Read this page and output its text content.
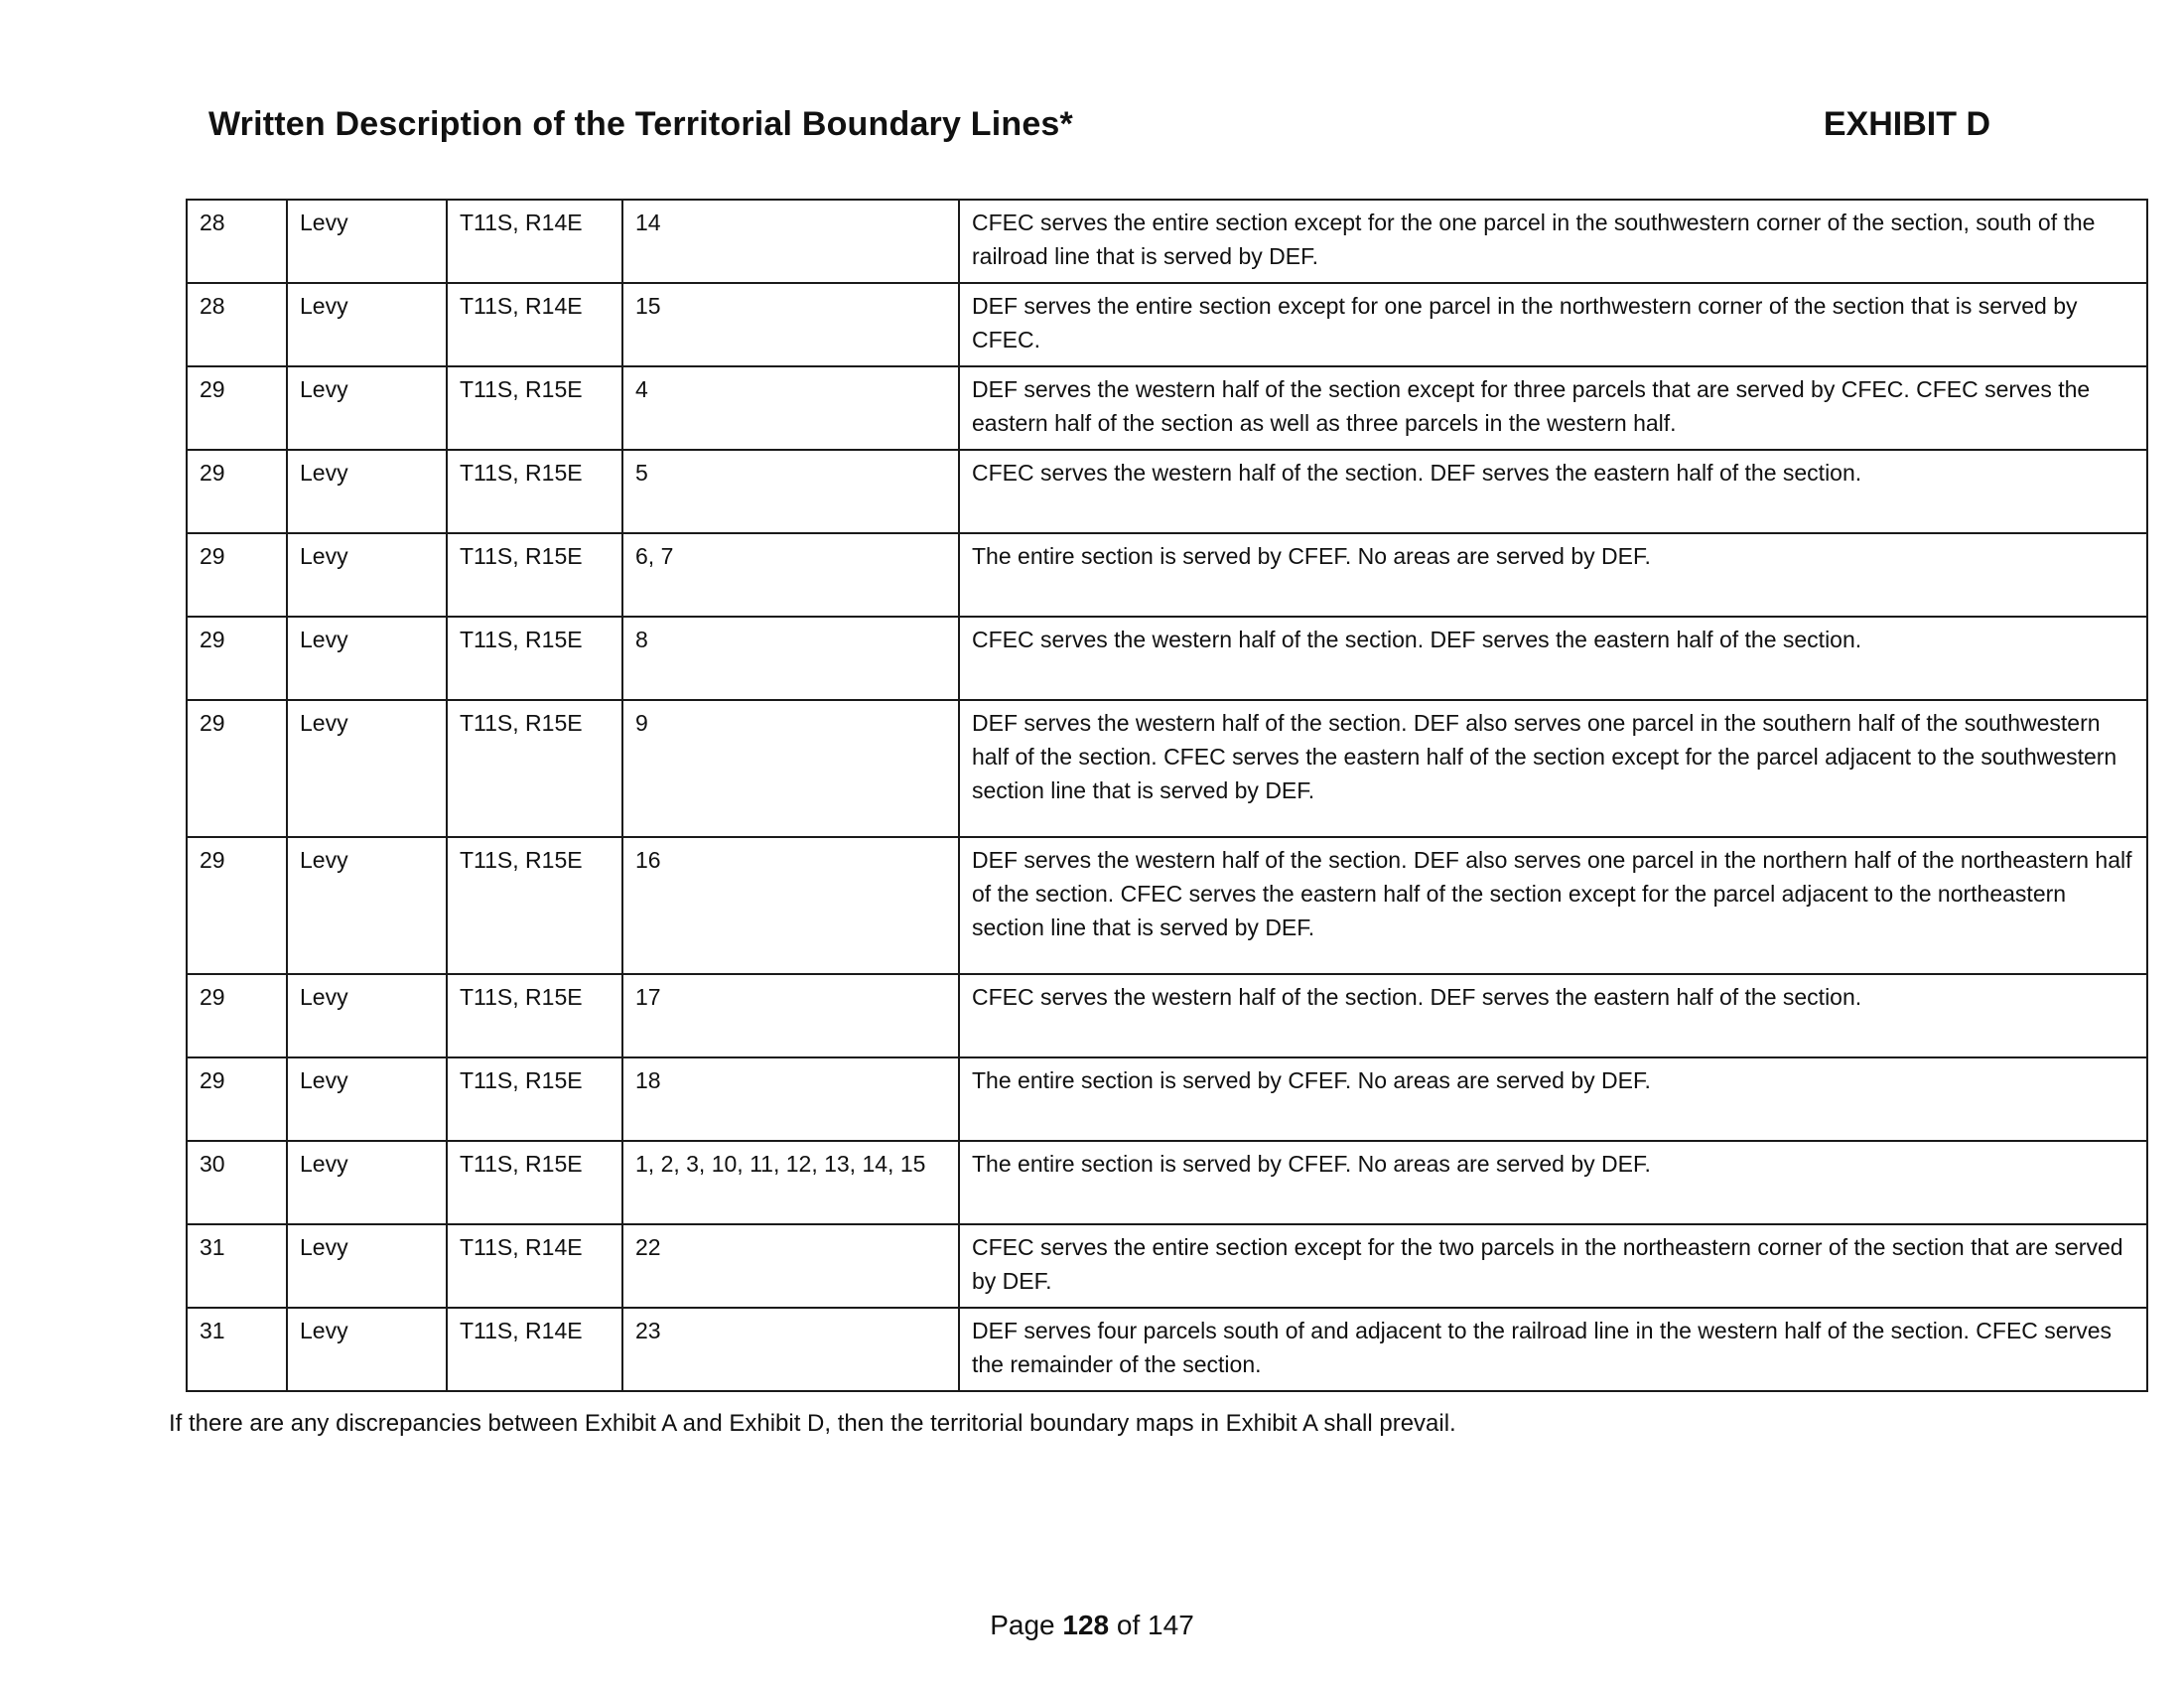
Written Description of the Territorial Boundary Lines*	EXHIBIT D
28	Levy	T11S, R14E	14	CFEC serves the entire section except for the one parcel in the southwestern corner of the section, south of the railroad line that is served by DEF.
28	Levy	T11S, R14E	15	DEF serves the entire section except for one parcel in the northwestern corner of the section that is served by CFEC.
29	Levy	T11S, R15E	4	DEF serves the western half of the section except for three parcels that are served by CFEC. CFEC serves the eastern half of the section as well as three parcels in the western half.
29	Levy	T11S, R15E	5	CFEC serves the western half of the section. DEF serves the eastern half of the section.
29	Levy	T11S, R15E	6, 7	The entire section is served by CFEF. No areas are served by DEF.
29	Levy	T11S, R15E	8	CFEC serves the western half of the section. DEF serves the eastern half of the section.
29	Levy	T11S, R15E	9	DEF serves the western half of the section. DEF also serves one parcel in the southern half of the southwestern half of the section. CFEC serves the eastern half of the section except for the parcel adjacent to the southwestern section line that is served by DEF.
29	Levy	T11S, R15E	16	DEF serves the western half of the section. DEF also serves one parcel in the northern half of the northeastern half of the section. CFEC serves the eastern half of the section except for the parcel adjacent to the northeastern section line that is served by DEF.
29	Levy	T11S, R15E	17	CFEC serves the western half of the section. DEF serves the eastern half of the section.
29	Levy	T11S, R15E	18	The entire section is served by CFEF. No areas are served by DEF.
30	Levy	T11S, R15E	1, 2, 3, 10, 11, 12, 13, 14, 15	The entire section is served by CFEF. No areas are served by DEF.
31	Levy	T11S, R14E	22	CFEC serves the entire section except for the two parcels in the northeastern corner of the section that are served by DEF.
31	Levy	T11S, R14E	23	DEF serves four parcels south of and adjacent to the railroad line in the western half of the section. CFEC serves the remainder of the section.
If there are any discrepancies between Exhibit A and Exhibit D, then the territorial boundary maps in Exhibit A shall prevail.
Page 128 of 147
